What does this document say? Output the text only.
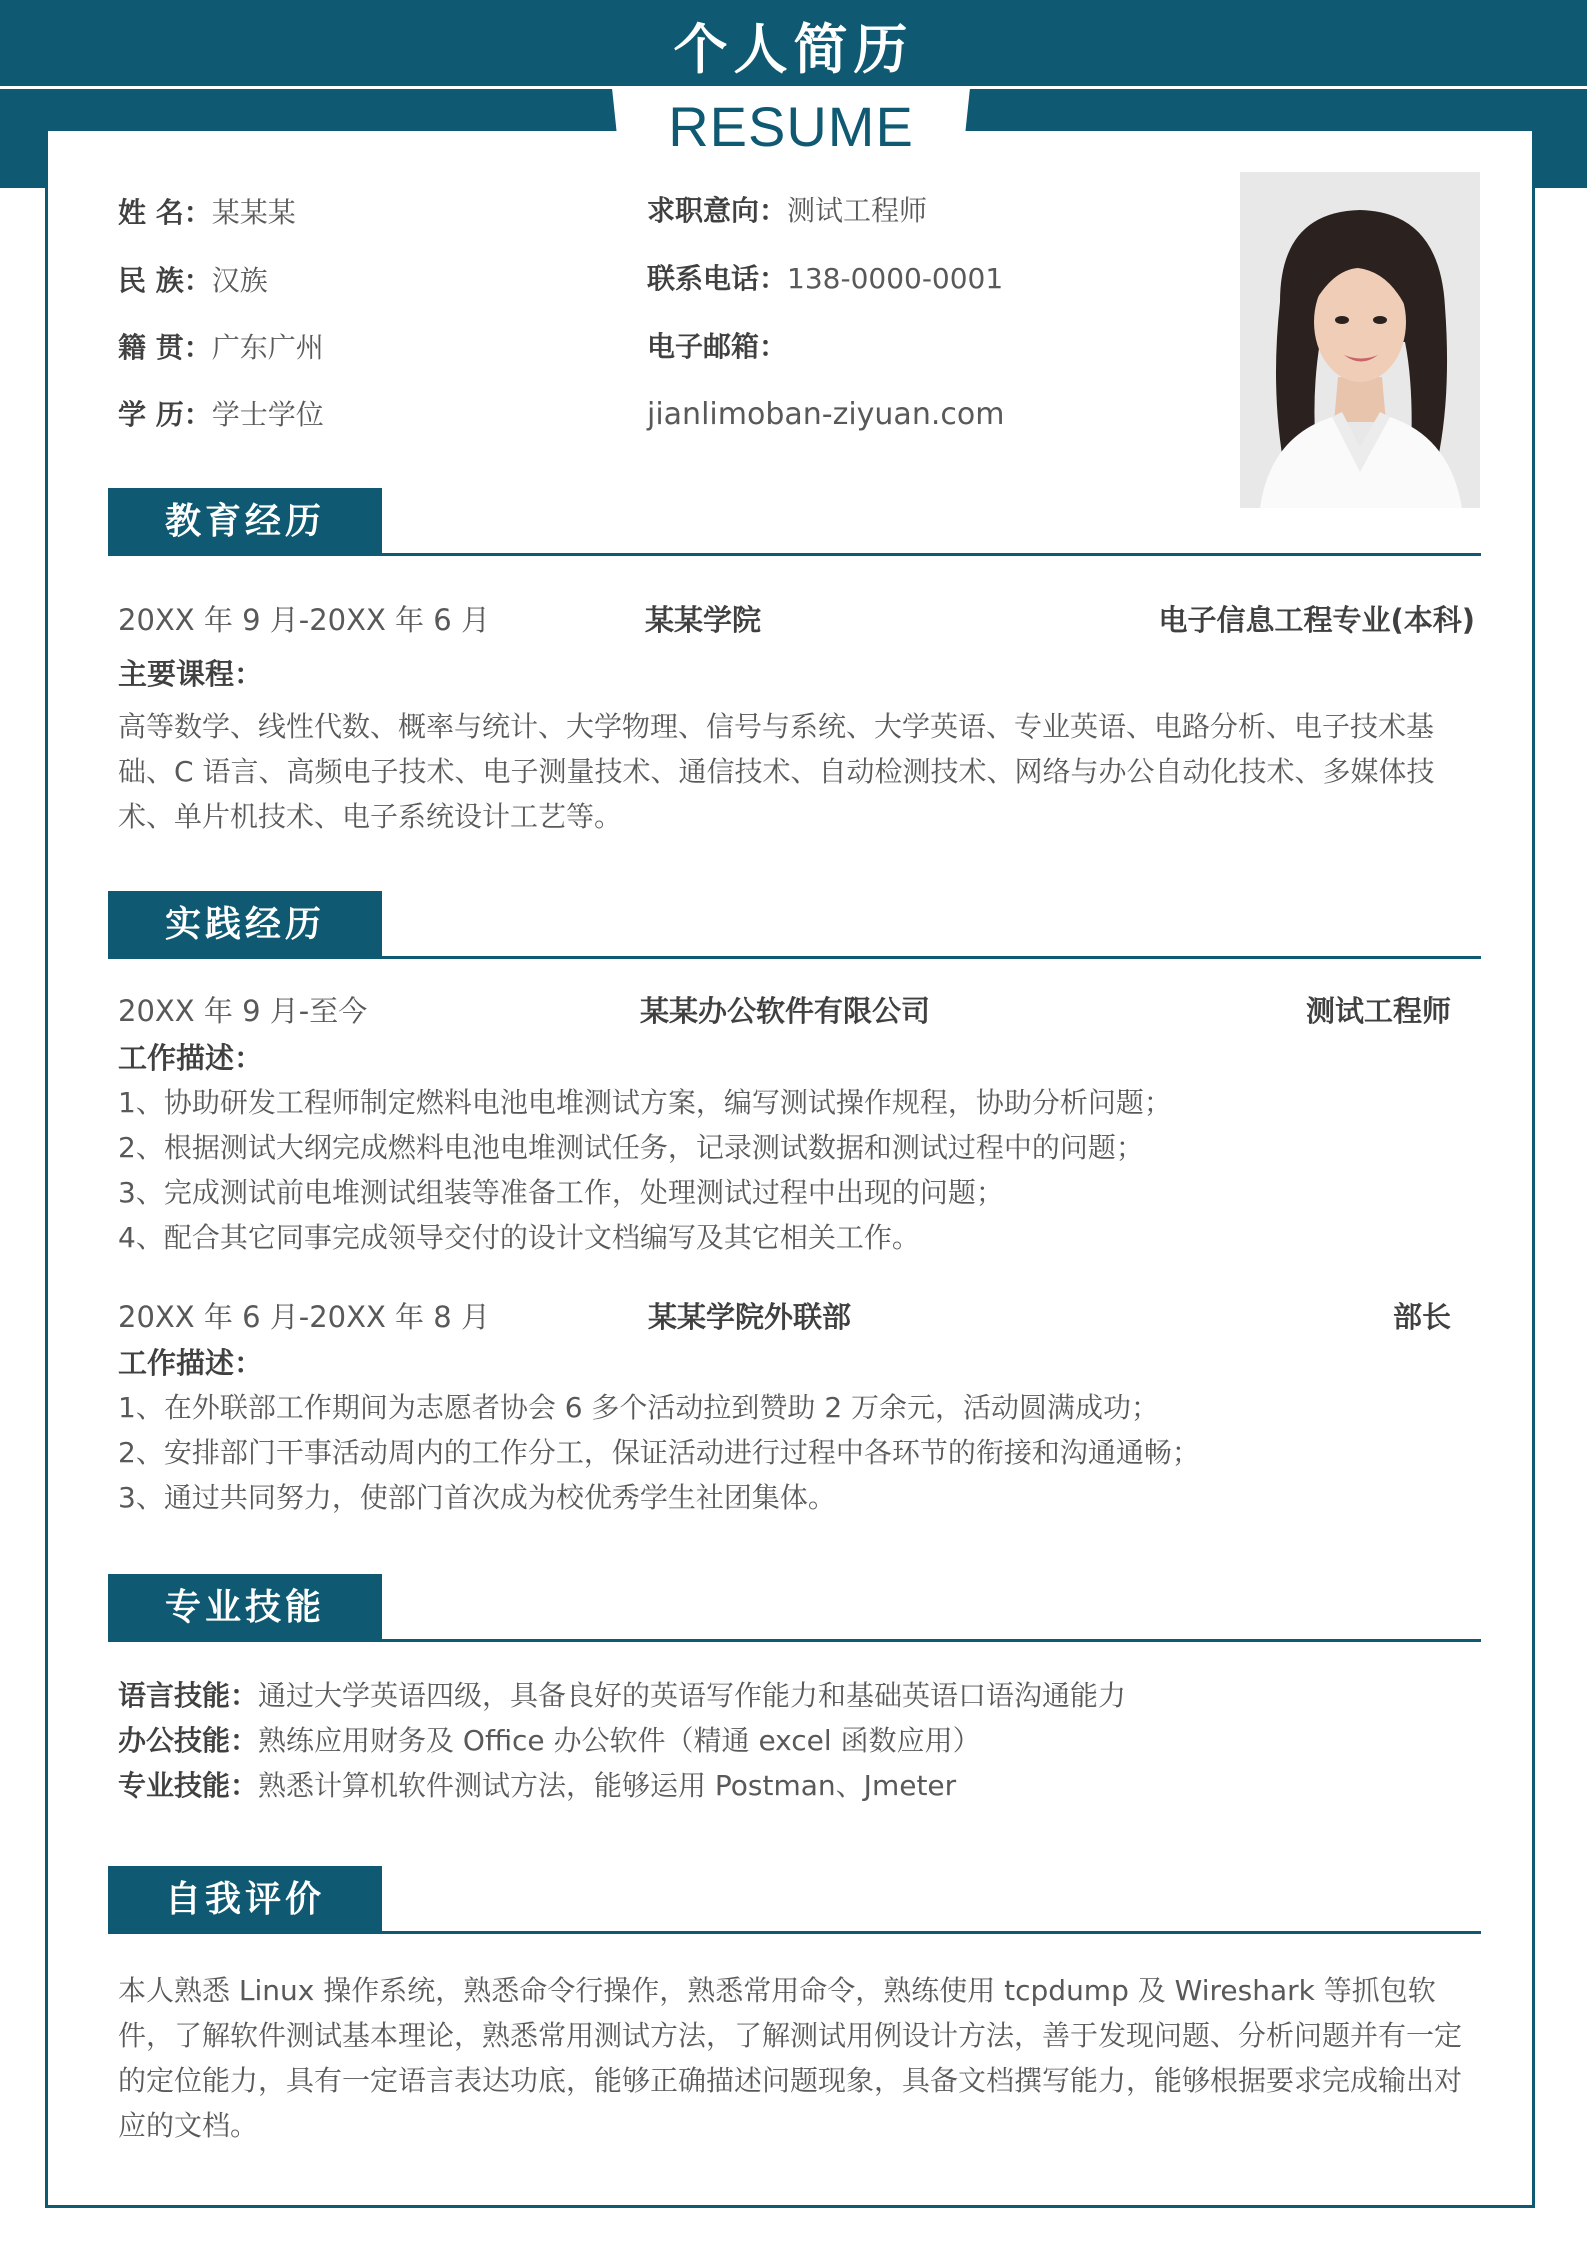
个人简历
RESUME
姓 名：某某某
民 族：汉族
籍 贯：广东广州
学 历：学士学位
求职意向：测试工程师
联系电话：138-0000-0001
电子邮箱：
jianlimoban-ziyuan.com
教育经历
20XX 年 9 月-20XX 年 6 月	某某学院	电子信息工程专业(本科)
主要课程：
高等数学、线性代数、概率与统计、大学物理、信号与系统、大学英语、专业英语、电路分析、电子技术基础、C 语言、高频电子技术、电子测量技术、通信技术、自动检测技术、网络与办公自动化技术、多媒体技术、单片机技术、电子系统设计工艺等。
实践经历
20XX 年 9 月-至今	某某办公软件有限公司	测试工程师
工作描述：
1、协助研发工程师制定燃料电池电堆测试方案，编写测试操作规程，协助分析问题；
2、根据测试大纲完成燃料电池电堆测试任务，记录测试数据和测试过程中的问题；
3、完成测试前电堆测试组装等准备工作，处理测试过程中出现的问题；
4、配合其它同事完成领导交付的设计文档编写及其它相关工作。
20XX 年 6 月-20XX 年 8 月	某某学院外联部	部长
工作描述：
1、在外联部工作期间为志愿者协会 6 多个活动拉到赞助 2 万余元，活动圆满成功；
2、安排部门干事活动周内的工作分工，保证活动进行过程中各环节的衔接和沟通通畅；
3、通过共同努力，使部门首次成为校优秀学生社团集体。
专业技能
语言技能：通过大学英语四级，具备良好的英语写作能力和基础英语口语沟通能力
办公技能：熟练应用财务及 Office 办公软件（精通 excel 函数应用）
专业技能：熟悉计算机软件测试方法，能够运用 Postman、Jmeter
自我评价
本人熟悉 Linux 操作系统，熟悉命令行操作，熟悉常用命令，熟练使用 tcpdump 及 Wireshark 等抓包软件，了解软件测试基本理论，熟悉常用测试方法，了解测试用例设计方法，善于发现问题、分析问题并有一定的定位能力，具有一定语言表达功底，能够正确描述问题现象，具备文档撰写能力，能够根据要求完成输出对应的文档。
